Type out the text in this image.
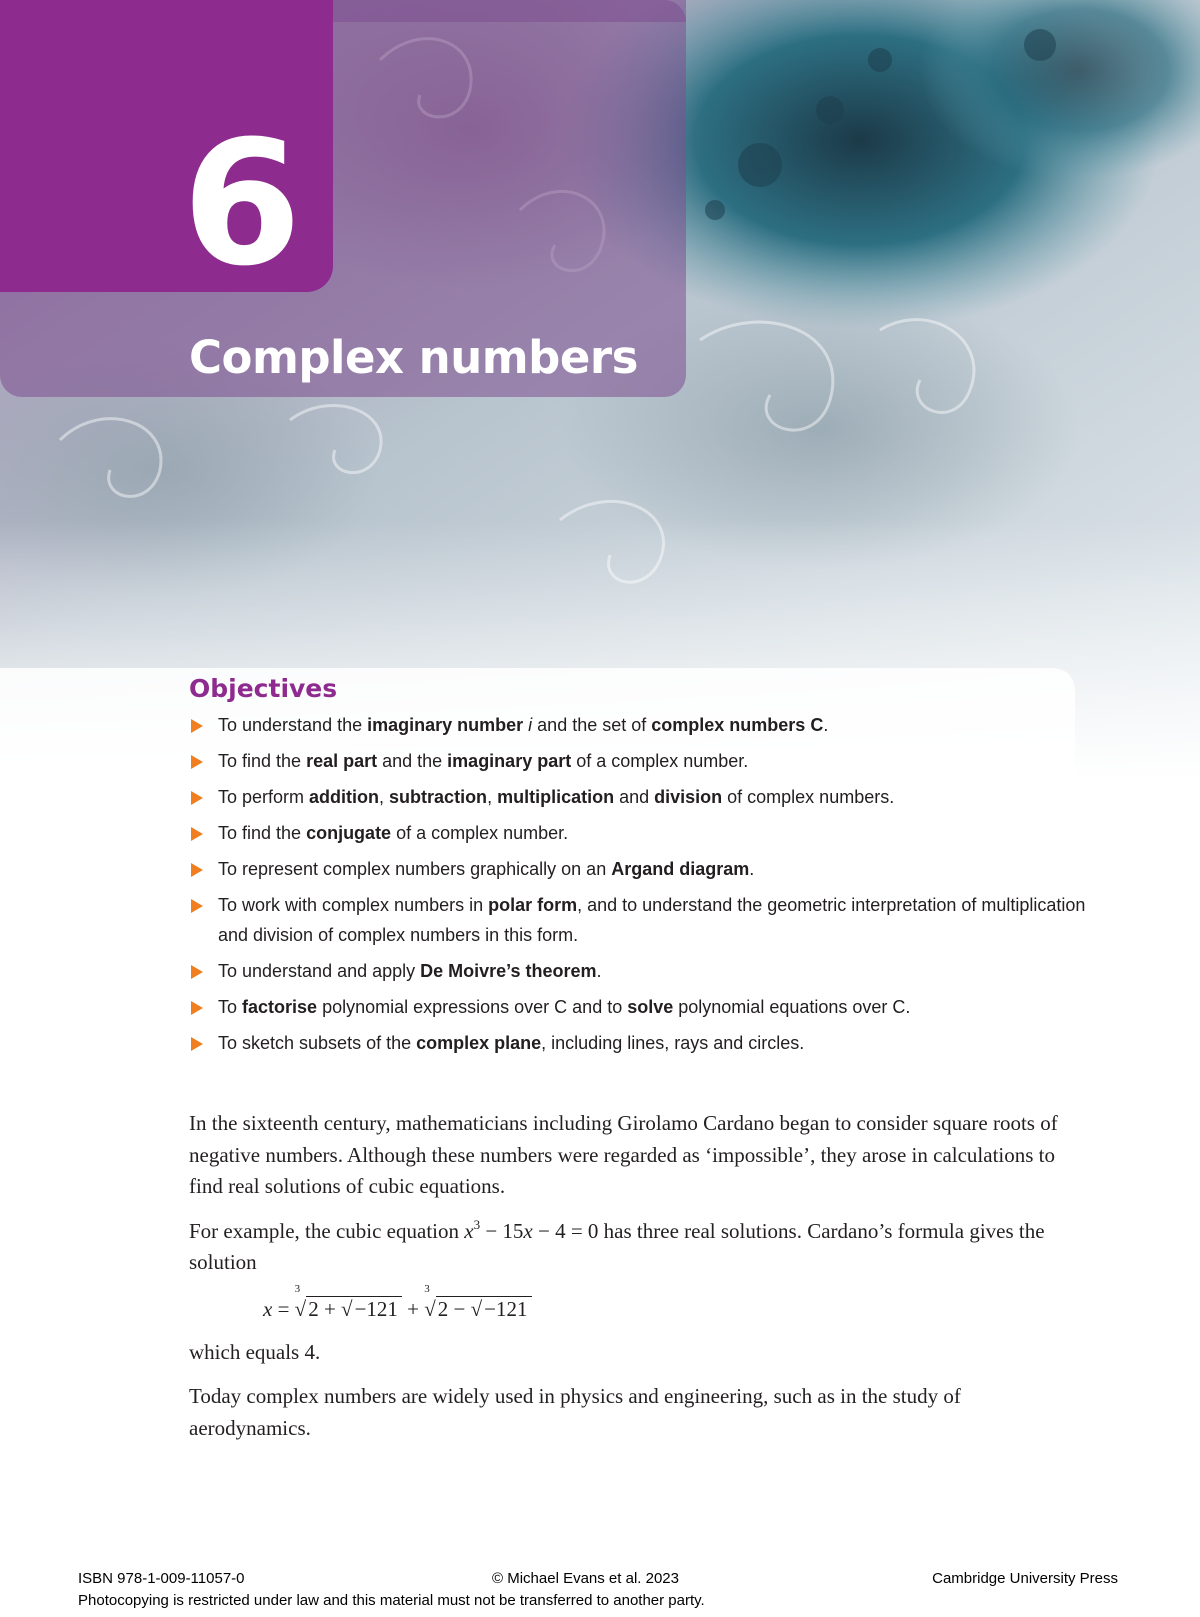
6
Complex numbers
Objectives
To understand the imaginary number i and the set of complex numbers C.
To find the real part and the imaginary part of a complex number.
To perform addition, subtraction, multiplication and division of complex numbers.
To find the conjugate of a complex number.
To represent complex numbers graphically on an Argand diagram.
To work with complex numbers in polar form, and to understand the geometric interpretation of multiplication and division of complex numbers in this form.
To understand and apply De Moivre’s theorem.
To factorise polynomial expressions over C and to solve polynomial equations over C.
To sketch subsets of the complex plane, including lines, rays and circles.

In the sixteenth century, mathematicians including Girolamo Cardano began to consider square roots of negative numbers. Although these numbers were regarded as ‘impossible’, they arose in calculations to find real solutions of cubic equations.

For example, the cubic equation $x^3 - 15x - 4 = 0$ has three real solutions. Cardano’s formula gives the solution

x =
3
√2 + √−121 +
3
√2 − √−121

which equals 4.

Today complex numbers are widely used in physics and engineering, such as in the study of aerodynamics.

ISBN 978-1-009-11057-0	© Michael Evans et al. 2023	Cambridge University Press
Photocopying is restricted under law and this material must not be transferred to another party.
